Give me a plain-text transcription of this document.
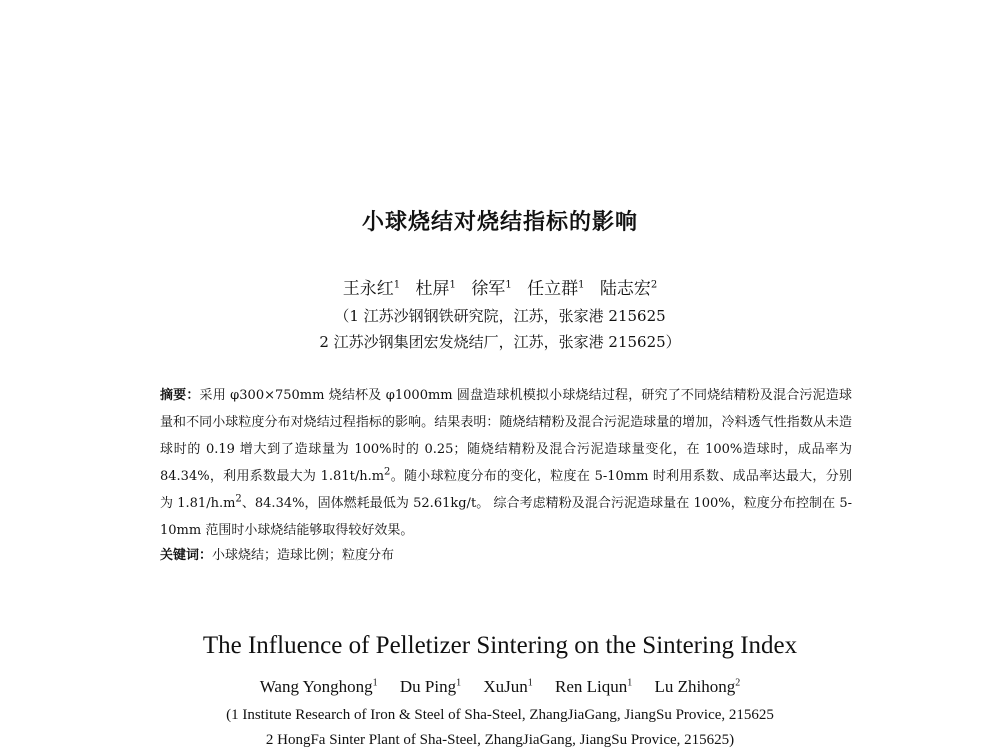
小球烧结对烧结指标的影响
王永红$^1$ 杜屏$^1$ 徐军$^1$ 任立群$^1$ 陆志宏$^2$
（1 江苏沙钢钢铁研究院，江苏，张家港 215625
2 江苏沙钢集团宏发烧结厂，江苏，张家港 215625）
摘要：采用 φ300×750mm 烧结杯及 φ1000mm 圆盘造球机模拟小球烧结过程，研究了不同烧结精粉及混合污泥造球量和不同小球粒度分布对烧结过程指标的影响。结果表明：随烧结精粉及混合污泥造球量的增加，冷料透气性指数从未造球时的 0.19 增大到了造球量为 100%时的 0.25；随烧结精粉及混合污泥造球量变化，在 100%造球时，成品率为 84.34%，利用系数最大为 $1.81t/h.m^2$。随小球粒度分布的变化，粒度在 5-10mm 时利用系数、成品率达最大，分别为 $1.81/h.m^2$、84.34%，固体燃耗最低为 52.61kg/t。 综合考虑精粉及混合污泥造球量在 100%，粒度分布控制在 5-10mm 范围时小球烧结能够取得较好效果。
关键词：小球烧结；造球比例；粒度分布
The Influence of Pelletizer Sintering on the Sintering Index
Wang Yonghong$^1$ Du Ping$^1$ XuJun$^1$ Ren Liqun$^1$ Lu Zhihong$^2$
(1 Institute Research of Iron & Steel of Sha-Steel, ZhangJiaGang, JiangSu Provice, 215625
2 HongFa Sinter Plant of Sha-Steel, ZhangJiaGang, JiangSu Provice, 215625)
